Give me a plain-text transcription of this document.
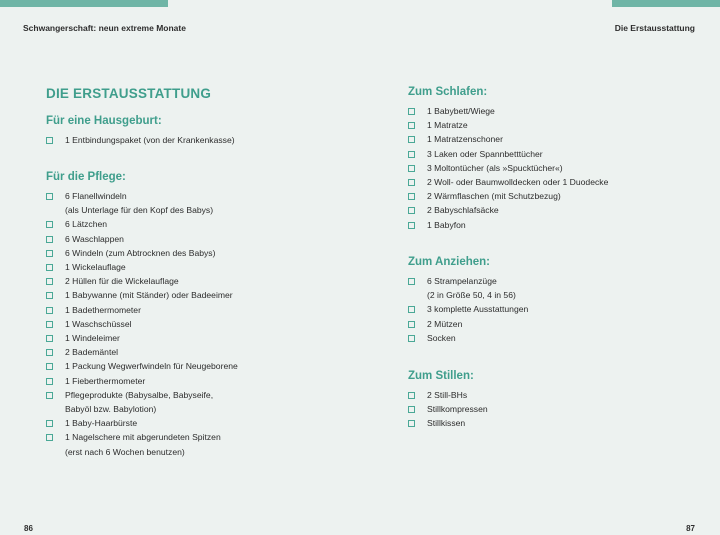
Schwangerschaft: neun extreme Monate
DIE ERSTAUSSTATTUNG
Für eine Hausgeburt:
1 Entbindungspaket (von der Krankenkasse)
Für die Pflege:
6 Flanellwindeln
(als Unterlage für den Kopf des Babys)
6 Lätzchen
6 Waschlappen
6 Windeln (zum Abtrocknen des Babys)
1 Wickelauflage
2 Hüllen für die Wickelauflage
1 Babywanne (mit Ständer) oder Badeeimer
1 Badethermometer
1 Waschschüssel
1 Windeleimer
2 Bademäntel
1 Packung Wegwerfwindeln für Neugeborene
1 Fieberthermometer
Pflegeprodukte (Babysalbe, Babyseife,
Babyöl bzw. Babylotion)
1 Baby-Haarbürste
1 Nagelschere mit abgerundeten Spitzen
(erst nach 6 Wochen benutzen)
86
Die Erstausstattung
Zum Schlafen:
1 Babybett/Wiege
1 Matratze
1 Matratzenschoner
3 Laken oder Spannbetttücher
3 Moltontücher (als »Spucktücher«)
2 Woll- oder Baumwolldecken oder 1 Duodecke
2 Wärmflaschen (mit Schutzbezug)
2 Babyschlafsäcke
1 Babyfon
Zum Anziehen:
6 Strampelanzüge
(2 in Größe 50, 4 in 56)
3 komplette Ausstattungen
2 Mützen
Socken
Zum Stillen:
2 Still-BHs
Stillkompressen
Stillkissen
87
